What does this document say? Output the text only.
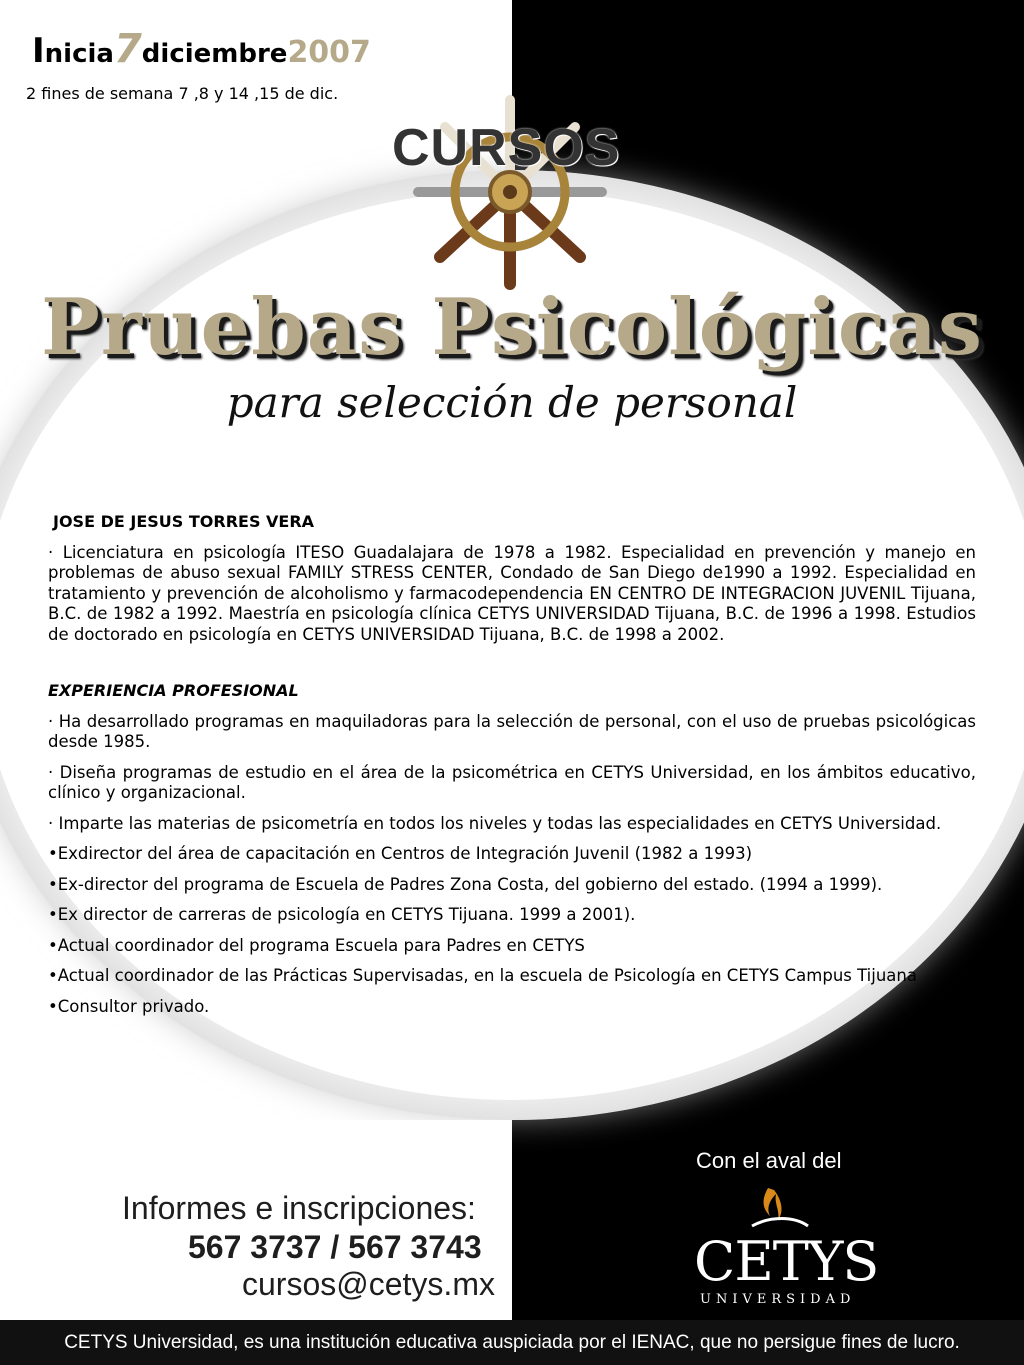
Inicia7diciembre2007
2 fines de semana 7 ,8 y 14 ,15 de dic.
CURSOS
Pruebas Psicológicas
para selección de personal
JOSE DE JESUS TORRES VERA
· Licenciatura en psicología ITESO Guadalajara de 1978 a 1982. Especialidad en prevención y manejo en problemas de abuso sexual FAMILY STRESS CENTER, Condado de San Diego de1990 a 1992. Especialidad en tratamiento y prevención de alcoholismo y farmacodependencia EN CENTRO DE INTEGRACION JUVENIL Tijuana, B.C. de 1982 a 1992. Maestría en psicología clínica CETYS UNIVERSIDAD Tijuana, B.C. de 1996 a 1998. Estudios de doctorado en psicología en CETYS UNIVERSIDAD Tijuana, B.C. de 1998 a 2002.
EXPERIENCIA PROFESIONAL
· Ha desarrollado programas en maquiladoras para la selección de personal, con el uso de pruebas psicológicas desde 1985.
· Diseña programas de estudio en el área de la psicométrica en CETYS Universidad, en los ámbitos educativo, clínico y organizacional.
· Imparte las materias de psicometría en todos los niveles y todas las especialidades en CETYS Universidad.
•Exdirector del área de capacitación en Centros de Integración Juvenil (1982 a 1993)
•Ex-director del programa de Escuela de Padres Zona Costa, del gobierno del estado. (1994 a 1999).
•Ex director de carreras de psicología en CETYS Tijuana. 1999 a 2001).
•Actual coordinador del programa Escuela para Padres en CETYS
•Actual coordinador de las Prácticas Supervisadas, en la escuela de Psicología en CETYS Campus Tijuana
•Consultor privado.
Informes e inscripciones:
567 3737 / 567 3743
cursos@cetys.mx
Con el aval del
CETYS
UNIVERSIDAD
CETYS Universidad, es una institución educativa auspiciada por el IENAC, que no persigue fines de lucro.
